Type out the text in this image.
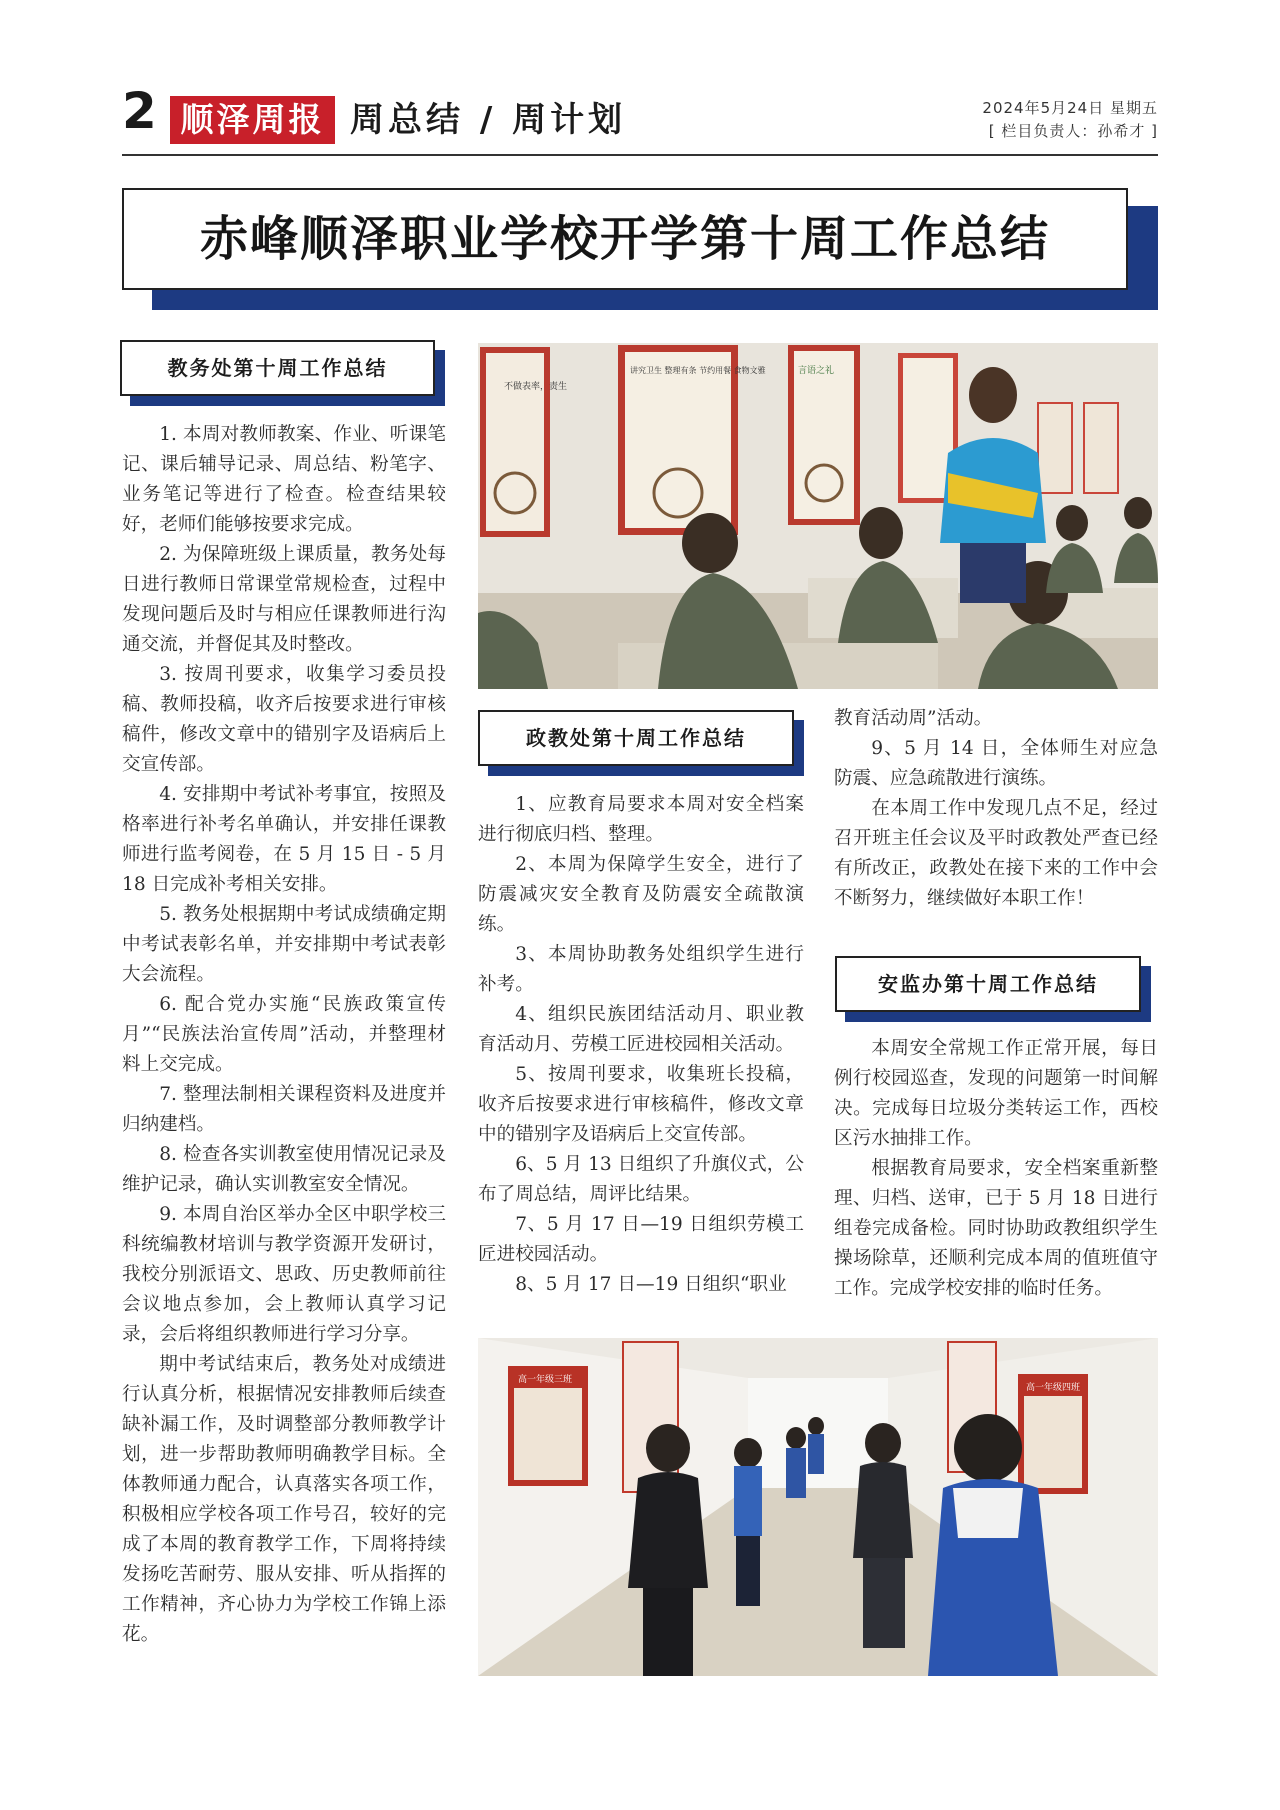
2 顺泽周报 周总结 / 周计划	2024年5月24日 星期五
[ 栏目负责人：孙希才 ]
赤峰顺泽职业学校开学第十周工作总结
教务处第十周工作总结

1. 本周对教师教案、作业、听课笔记、课后辅导记录、周总结、粉笔字、业务笔记等进行了检查。检查结果较好，老师们能够按要求完成。

2. 为保障班级上课质量，教务处每日进行教师日常课堂常规检查，过程中发现问题后及时与相应任课教师进行沟通交流，并督促其及时整改。

3. 按周刊要求，收集学习委员投稿、教师投稿，收齐后按要求进行审核稿件，修改文章中的错别字及语病后上交宣传部。

4. 安排期中考试补考事宜，按照及格率进行补考名单确认，并安排任课教师进行监考阅卷，在 5 月 15 日 - 5 月 18 日完成补考相关安排。

5. 教务处根据期中考试成绩确定期中考试表彰名单，并安排期中考试表彰大会流程。

6. 配合党办实施“民族政策宣传月”“民族法治宣传周”活动，并整理材料上交完成。

7. 整理法制相关课程资料及进度并归纳建档。

8. 检查各实训教室使用情况记录及维护记录，确认实训教室安全情况。

9. 本周自治区举办全区中职学校三科统编教材培训与教学资源开发研讨，我校分别派语文、思政、历史教师前往会议地点参加，会上教师认真学习记录，会后将组织教师进行学习分享。

期中考试结束后，教务处对成绩进行认真分析，根据情况安排教师后续查缺补漏工作，及时调整部分教师教学计划，进一步帮助教师明确教学目标。全体教师通力配合，认真落实各项工作，积极相应学校各项工作号召，较好的完成了本周的教育教学工作，下周将持续发扬吃苦耐劳、服从安排、听从指挥的工作精神，齐心协力为学校工作锦上添花。

不做表率，责生
讲究卫生 整理有条 节约用餐 食物文雅	言语之礼
政教处第十周工作总结

1、应教育局要求本周对安全档案进行彻底归档、整理。

2、本周为保障学生安全，进行了防震减灾安全教育及防震安全疏散演练。

3、本周协助教务处组织学生进行补考。

4、组织民族团结活动月、职业教育活动月、劳模工匠进校园相关活动。

5、按周刊要求，收集班长投稿，收齐后按要求进行审核稿件，修改文章中的错别字及语病后上交宣传部。

6、5 月 13 日组织了升旗仪式，公布了周总结，周评比结果。

7、5 月 17 日—19 日组织劳模工匠进校园活动。

8、5 月 17 日—19 日组织“职业

教育活动周”活动。

9、5 月 14 日，全体师生对应急防震、应急疏散进行演练。

在本周工作中发现几点不足，经过召开班主任会议及平时政教处严查已经有所改正，政教处在接下来的工作中会不断努力，继续做好本职工作！

安监办第十周工作总结

本周安全常规工作正常开展，每日例行校园巡查，发现的问题第一时间解决。完成每日垃圾分类转运工作，西校区污水抽排工作。

根据教育局要求，安全档案重新整理、归档、送审，已于 5 月 18 日进行组卷完成备检。同时协助政教组织学生操场除草，还顺利完成本周的值班值守工作。完成学校安排的临时任务。

高一年级三班
高一年级四班
